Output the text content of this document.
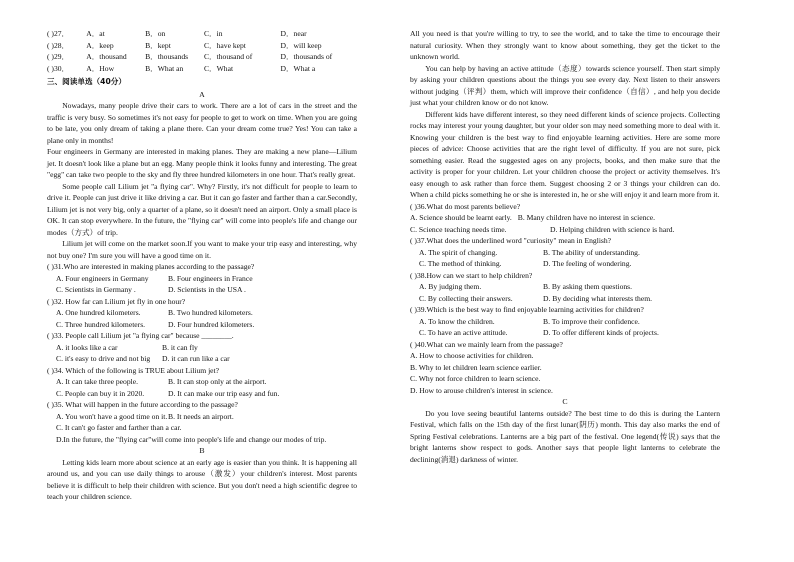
( )27．	A．at	B．on	C．in	D．near
( )28．	A．keep	B．kept	C．have kept	D．will keep
( )29．	A．thousand	B．thousands	C．thousand of	D．thousands of
( )30．	A．How	B．What an	C．What	D．What a
三、阅读单选（40分）
A

Nowadays, many people drive their cars to work. There are a lot of cars in the street and the traffic is very busy. So sometimes it's not easy for people to get to work on time. When you are going to be late, you only dream of taking a plane there. Can your dream come true? Yes! You can take a plane only in months!

Four engineers in Germany are interested in making planes. They are making a new plane—Lilium jet. It doesn't look like a plane but an egg. Many people think it looks funny and interesting. The great "egg" can take two people to the sky and fly three hundred kilometers in one hour. That's really great.

Some people call Lilium jet "a flying car". Why? Firstly, it's not difficult for people to learn to drive it. People can just drive it like driving a car. But it can go faster and farther than a car.Secondly, Lilium jet is not very big, only a quarter of a plane, so it doesn't need an airport. Only a small place is OK. It can stop everywhere. In the future, the "flying car" will come into people's life and change our modes（方式）of trip.

Lilium jet will come on the market soon.If you want to make your trip easy and interesting, why not buy one? I'm sure you will have a good time on it.

( )31.Who are interested in making planes according to the passage?
A. Four engineers in Germany	B. Four engineers in France
C. Scientists in Germany .	D. Scientists in the USA .
( )32. How far can Lilium jet fly in one hour?
A. One hundred kilometers.	B. Two hundred kilometers.
C. Three hundred kilometers.	D. Four hundred kilometers.
( )33. People call Lilium jet "a flying car" because ________.
A. it looks like a car	B. it can fly
C. it's easy to drive and not big	D. it can run like a car
( )34. Which of the following is TRUE about Lilium jet?
A. It can take three people.	B. It can stop only at the airport.
C. People can buy it in 2020.	D. It can make our trip easy and fun.
( )35. What will happen in the future according to the passage?
A. You won't have a good time on it. B. It needs an airport.
C. It can't go faster and farther than a car.

D.In the future, the "flying car"will come into people's life and change our modes of trip.

B

Letting kids learn more about science at an early age is easier than you think. It is happening all around us, and you can use daily things to arouse（激发）your children's interest. Most parents believe it is difficult to help their children with science. But you don't need a high scientific degree to teach your children science.

All you need is that you're willing to try, to see the world, and to take the time to encourage their natural curiosity. When they strongly want to know about something, they get the ticket to the unknown world.

You can help by having an active attitude（态度）towards science yourself. Then start simply by asking your children questions about the things you see every day. Next listen to their answers without judging（评判）them, which will improve their confidence（自信）, and help you decide just what your children know or do not know.

Different kids have different interest, so they need different kinds of science projects. Collecting rocks may interest your young daughter, but your older son may need something more to deal with it. Knowing your children is the best way to find enjoyable learning activities. Here are some more pieces of advice: Choose activities that are the right level of difficulty. If you are not sure, pick something easier. Read the suggested ages on any projects, books, and then make sure that the activity is proper for your children. Let your children choose the project or activity themselves. It's easy enough to ask rather than force them. Suggest choosing 2 or 3 things your children can do. When a child picks something he or she is interested in, he or she will enjoy it and learn more from it.

( )36.What do most parents believe?

A. Science should be learnt early. B. Many children have no interest in science.

C. Science teaching needs time.	D. Helping children with science is hard.
( )37.What does the underlined word "curiosity" mean in English?
A. The spirit of changing.	B. The ability of understanding.
C. The method of thinking.	D. The feeling of wondering.
( )38.How can we start to help children?
A. By judging them.	B. By asking them questions.
C. By collecting their answers.	D. By deciding what interests them.
( )39.Which is the best way to find enjoyable learning activities for children?
A. To know the children.	B. To improve their confidence.
C. To have an active attitude.	D. To offer different kinds of projects.
( )40.What can we mainly learn from the passage?
A. How to choose activities for children.
B. Why to let children learn science earlier.
C. Why not force children to learn science.
D. How to arouse children's interest in science.
C

Do you love seeing beautiful lanterns outside? The best time to do this is during the Lantern Festival, which falls on the 15th day of the first lunar(阴历) month. This day also marks the end of Spring Festival celebrations. Lanterns are a big part of the festival. One legend(传说) says that the bright lanterns show respect to gods. Another says that people light lanterns to celebrate the declining(消退) darkness of winter.
